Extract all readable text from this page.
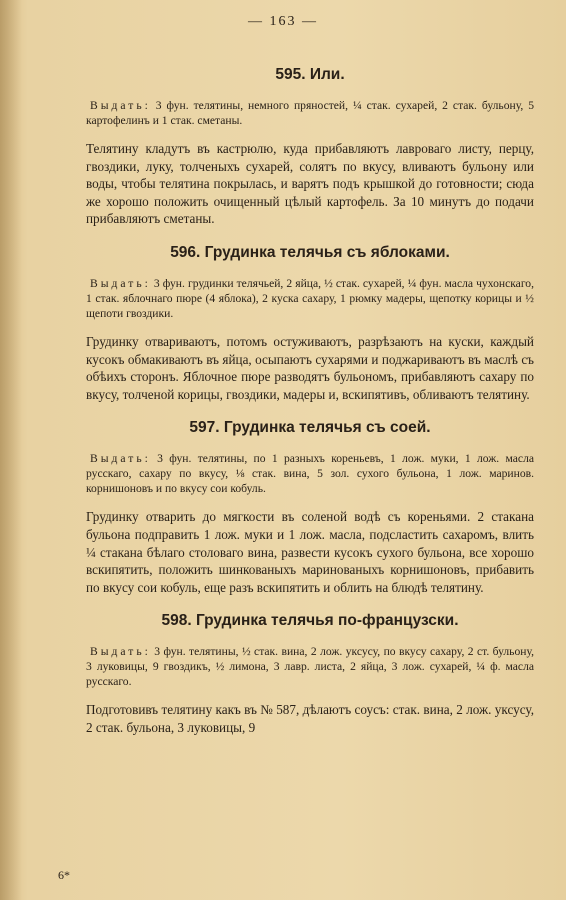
— 163 —
595. Или.

Выдать: 3 фун. телятины, немного пряностей, ¼ стак. сухарей, 2 стак. бульону, 5 картофелинъ и 1 стак. сметаны.

Телятину кладутъ въ кастрюлю, куда прибавляютъ лавроваго листу, перцу, гвоздики, луку, толченыхъ сухарей, солятъ по вкусу, вливаютъ бульону или воды, чтобы телятина покрылась, и варятъ подъ крышкой до готовности; сюда же хорошо положить очищенный цѣлый картофель. За 10 минутъ до подачи прибавляютъ сметаны.

596. Грудинка телячья съ яблоками.

Выдать: 3 фун. грудинки телячьей, 2 яйца, ½ стак. сухарей, ¼ фун. масла чухонскаго, 1 стак. яблочнаго пюре (4 яблока), 2 куска сахару, 1 рюмку мадеры, щепотку корицы и ½ щепоти гвоздики.

Грудинку отвариваютъ, потомъ остуживаютъ, разрѣзаютъ на куски, каждый кусокъ обмакиваютъ въ яйца, осыпаютъ сухарями и поджариваютъ въ маслѣ съ обѣихъ сторонъ. Яблочное пюре разводятъ бульономъ, прибавляютъ сахару по вкусу, толченой корицы, гвоздики, мадеры и, вскипятивъ, обливаютъ телятину.

597. Грудинка телячья съ соей.

Выдать: 3 фун. телятины, по 1 разныхъ кореньевъ, 1 лож. муки, 1 лож. масла русскаго, сахару по вкусу, ⅛ стак. вина, 5 зол. сухого бульона, 1 лож. маринов. корнишоновъ и по вкусу сои кобуль.

Грудинку отварить до мягкости въ соленой водѣ съ кореньями. 2 стакана бульона подправить 1 лож. муки и 1 лож. масла, подсластить сахаромъ, влить ¼ стакана бѣлаго столоваго вина, развести кусокъ сухого бульона, все хорошо вскипятить, положить шинкованыхъ маринованыхъ корнишоновъ, прибавить по вкусу сои кобуль, еще разъ вскипятить и облить на блюдѣ телятину.

598. Грудинка телячья по-французски.

Выдать: 3 фун. телятины, ½ стак. вина, 2 лож. уксусу, по вкусу сахару, 2 ст. бульону, 3 луковицы, 9 гвоздикъ, ½ лимона, 3 лавр. листа, 2 яйца, 3 лож. сухарей, ¼ ф. масла русскаго.

Подготовивъ телятину какъ въ № 587, дѣлаютъ соусъ: стак. вина, 2 лож. уксусу, 2 стак. бульона, 3 луковицы, 9

6*
